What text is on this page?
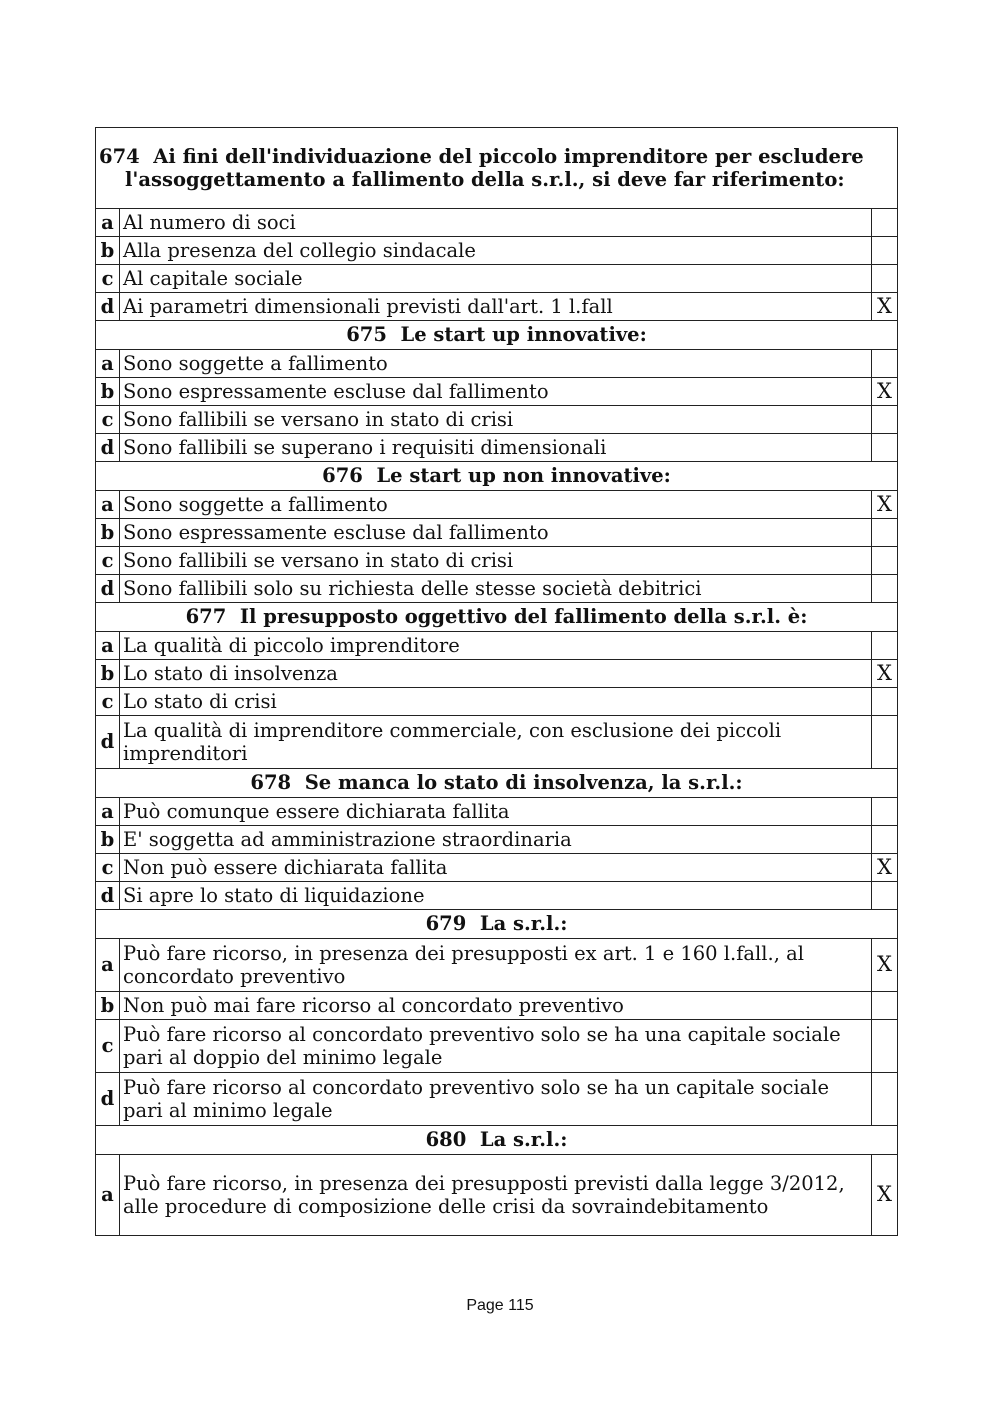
674 Ai fini dell'individuazione del piccolo imprenditore per escludere l'assoggettamento a fallimento della s.r.l., si deve far riferimento:		

a	Al numero di soci	
b	Alla presenza del collegio sindacale	
c	Al capitale sociale	
d	Ai parametri dimensionali previsti dall'art. 1 l.fall	X
675 Le start up innovative:		
a	Sono soggette a fallimento	
b	Sono espressamente escluse dal fallimento	X
c	Sono fallibili se versano in stato di crisi	
d	Sono fallibili se superano i requisiti dimensionali	
676 Le start up non innovative:		
a	Sono soggette a fallimento	X
b	Sono espressamente escluse dal fallimento	
c	Sono fallibili se versano in stato di crisi	
d	Sono fallibili solo su richiesta delle stesse società debitrici	
677 Il presupposto oggettivo del fallimento della s.r.l. è:		
a	La qualità di piccolo imprenditore	
b	Lo stato di insolvenza	X
c	Lo stato di crisi	
d	La qualità di imprenditore commerciale, con esclusione dei piccoli imprenditori	
678 Se manca lo stato di insolvenza, la s.r.l.:		
a	Può comunque essere dichiarata fallita	
b	E' soggetta ad amministrazione straordinaria	
c	Non può essere dichiarata fallita	X
d	Si apre lo stato di liquidazione	
679 La s.r.l.:		
a	Può fare ricorso, in presenza dei presupposti ex art. 1 e 160 l.fall., al concordato preventivo	X
b	Non può mai fare ricorso al concordato preventivo	
c	Può fare ricorso al concordato preventivo solo se ha una capitale sociale pari al doppio del minimo legale	
d	Può fare ricorso al concordato preventivo solo se ha un capitale sociale pari al minimo legale	
680 La s.r.l.:		
a	Può fare ricorso, in presenza dei presupposti previsti dalla legge 3/2012, alle procedure di composizione delle crisi da sovraindebitamento	X
Page 115
